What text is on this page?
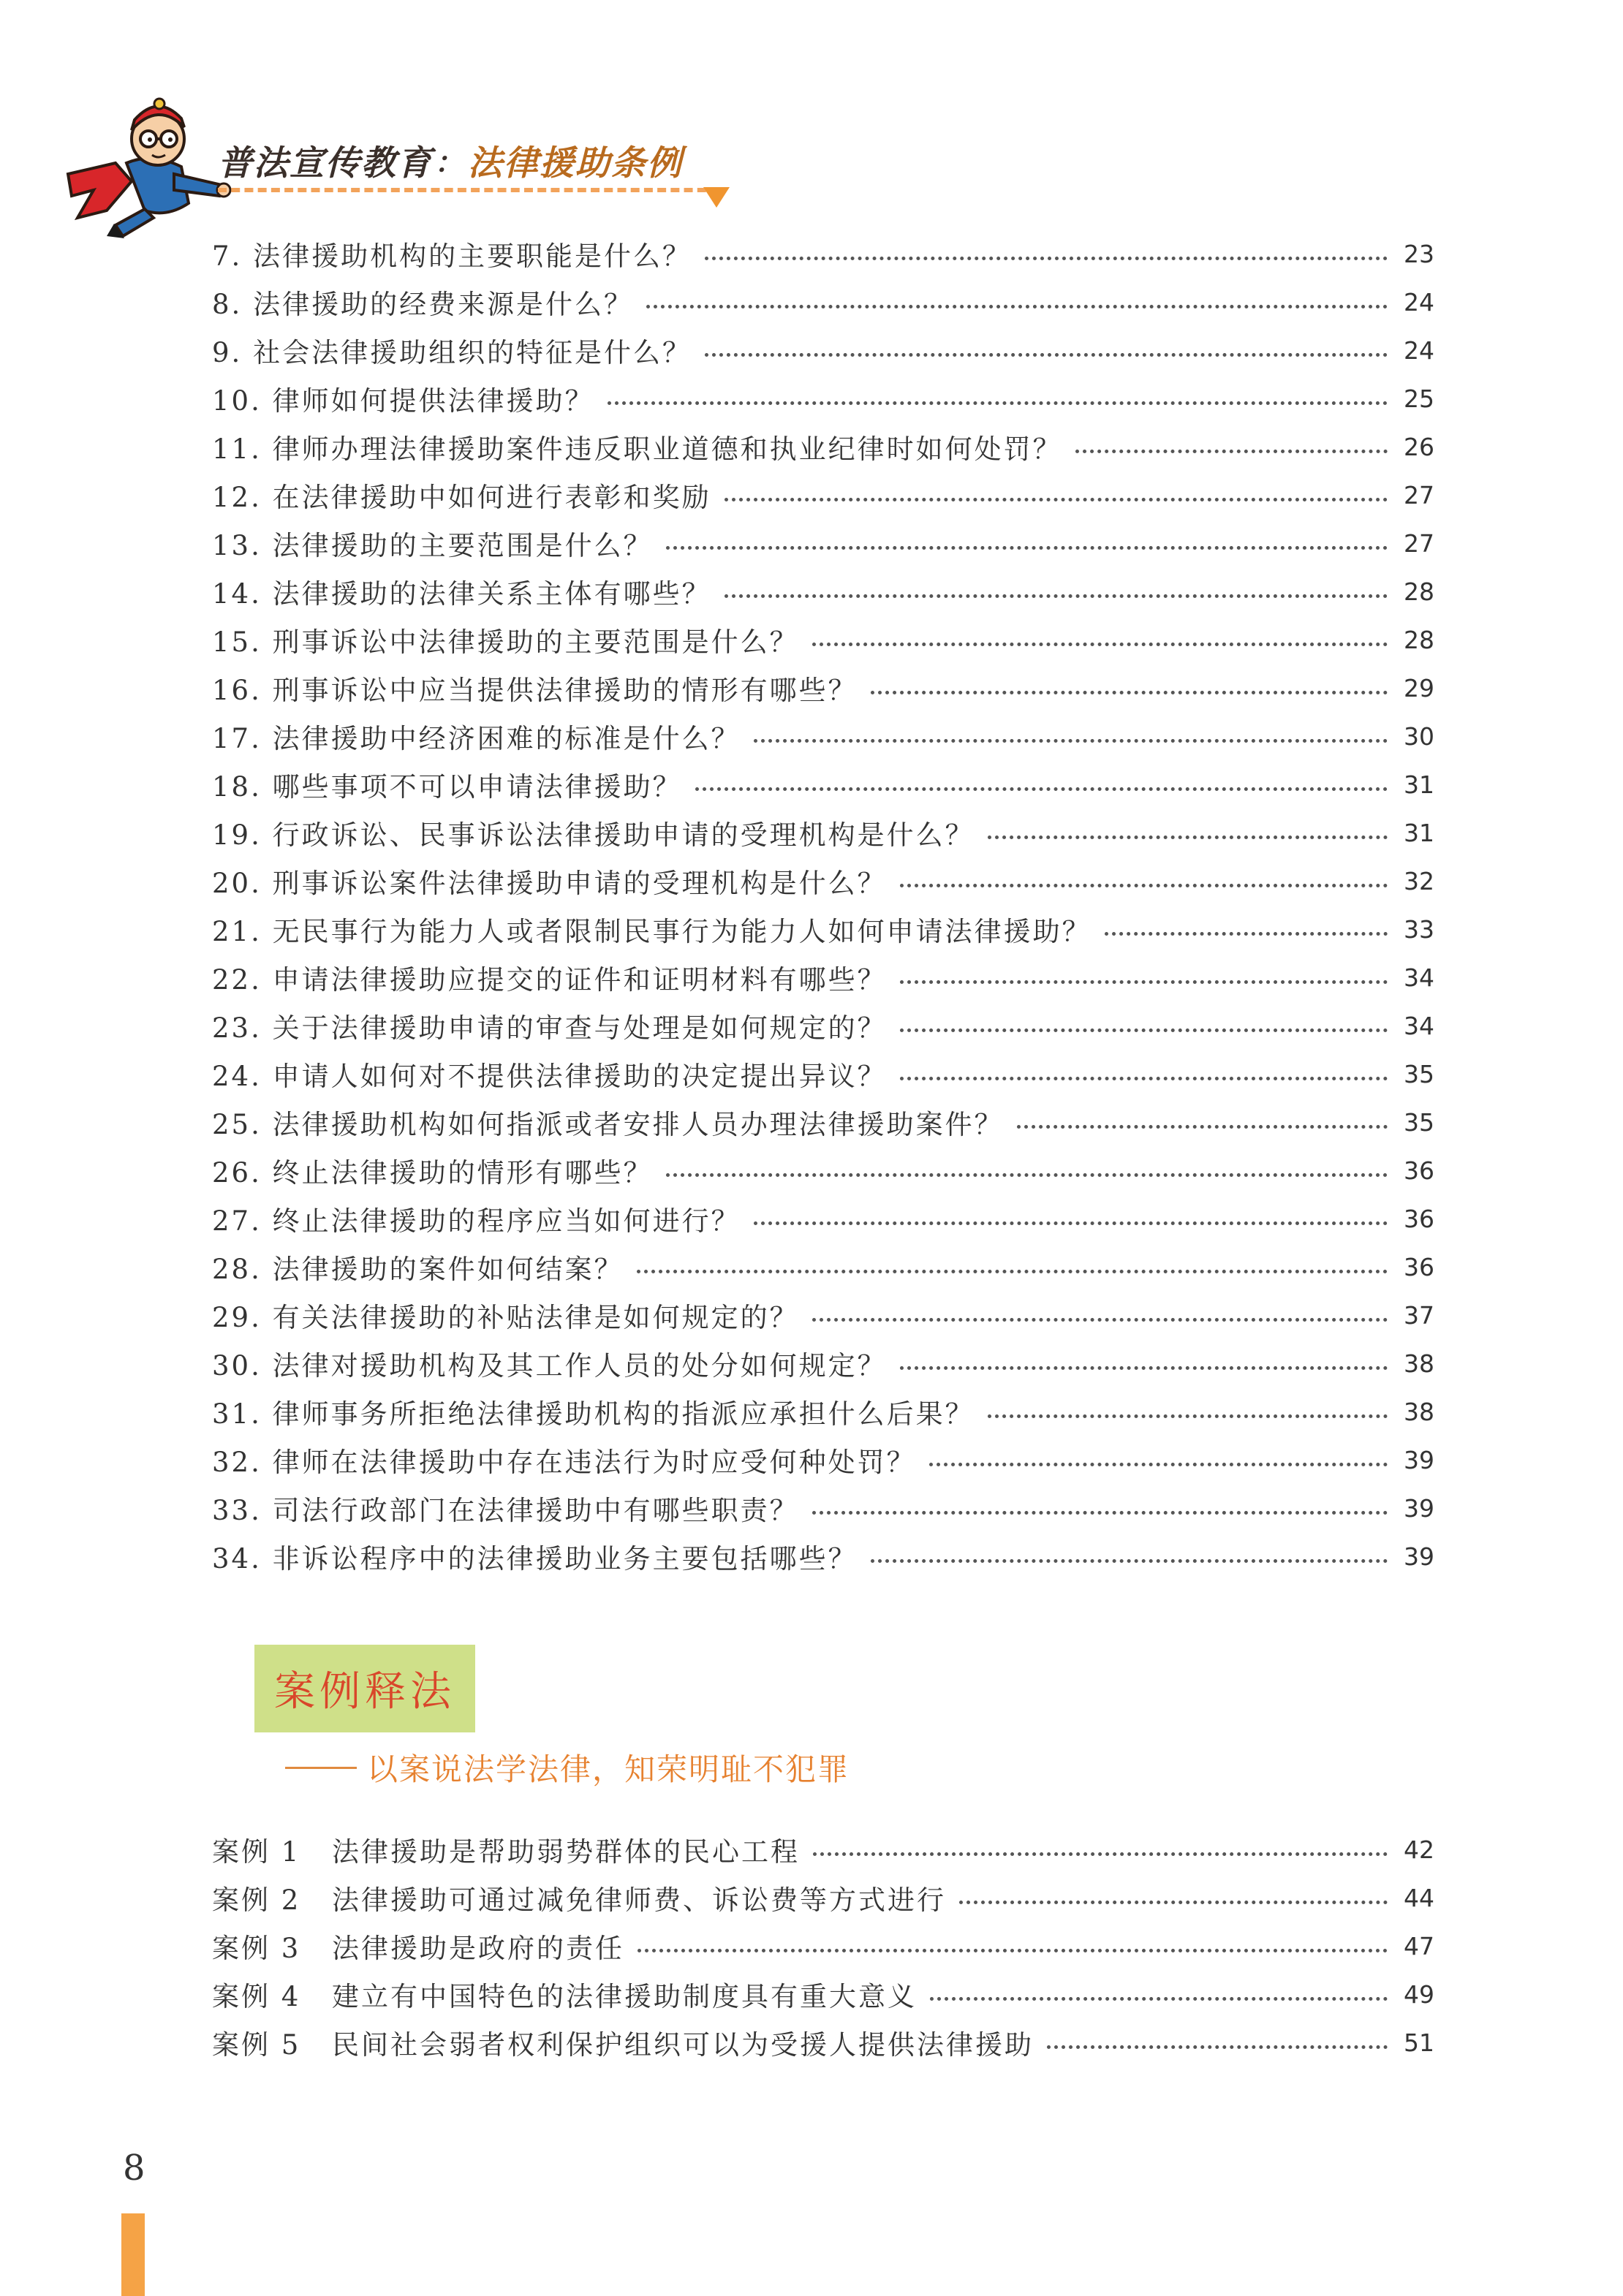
普法宣传教育 ： 法律援助条例
7. 法律援助机构的主要职能是什么？	23
8. 法律援助的经费来源是什么？	24
9. 社会法律援助组织的特征是什么？	24
10. 律师如何提供法律援助？	25
11. 律师办理法律援助案件违反职业道德和执业纪律时如何处罚？	26
12. 在法律援助中如何进行表彰和奖励	27
13. 法律援助的主要范围是什么？	27
14. 法律援助的法律关系主体有哪些？	28
15. 刑事诉讼中法律援助的主要范围是什么？	28
16. 刑事诉讼中应当提供法律援助的情形有哪些？	29
17. 法律援助中经济困难的标准是什么？	30
18. 哪些事项不可以申请法律援助？	31
19. 行政诉讼、民事诉讼法律援助申请的受理机构是什么？	31
20. 刑事诉讼案件法律援助申请的受理机构是什么？	32
21. 无民事行为能力人或者限制民事行为能力人如何申请法律援助？	33
22. 申请法律援助应提交的证件和证明材料有哪些？	34
23. 关于法律援助申请的审查与处理是如何规定的？	34
24. 申请人如何对不提供法律援助的决定提出异议？	35
25. 法律援助机构如何指派或者安排人员办理法律援助案件？	35
26. 终止法律援助的情形有哪些？	36
27. 终止法律援助的程序应当如何进行？	36
28. 法律援助的案件如何结案？	36
29. 有关法律援助的补贴法律是如何规定的？	37
30. 法律对援助机构及其工作人员的处分如何规定？	38
31. 律师事务所拒绝法律援助机构的指派应承担什么后果？	38
32. 律师在法律援助中存在违法行为时应受何种处罚？	39
33. 司法行政部门在法律援助中有哪些职责？	39
34. 非诉讼程序中的法律援助业务主要包括哪些？	39
案例释法
以案说法学法律，知荣明耻不犯罪
案例 1	法律援助是帮助弱势群体的民心工程	42
案例 2	法律援助可通过减免律师费、诉讼费等方式进行	44
案例 3	法律援助是政府的责任	47
案例 4	建立有中国特色的法律援助制度具有重大意义	49
案例 5	民间社会弱者权利保护组织可以为受援人提供法律援助	51
8
